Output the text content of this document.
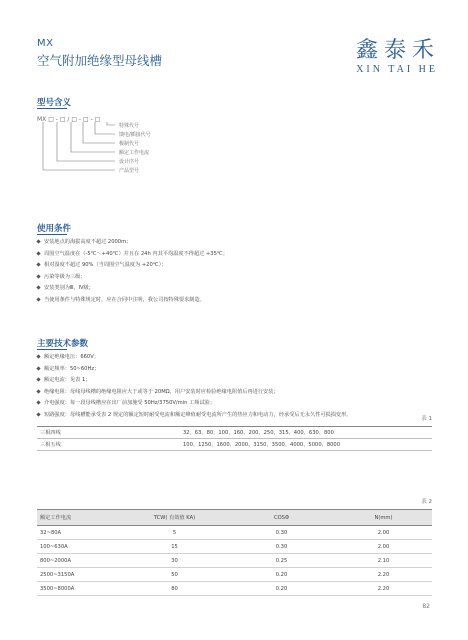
MX
空气附加绝缘型母线槽	鑫泰禾
XIN TAI HE
型号含义
MX □ - □ / □ - □ - □
特殊代号
馈电/插接代号
极制代号
额定工作电流
设计序号
产品型号
使用条件
安装地点的海拔高度不超过 2000m；
周围空气温度在（-5℃～+40℃）并且在 24h 内其平均温度不得超过 +35℃；
相对湿度不超过 90%（当周围空气温度为 +20℃）；
污染等级为三级；
安装类别为Ⅲ、Ⅳ级；
当使用条件与特殊规定时，应在合同中注明，我公司按特殊要求制造。
主要技术参数
额定绝缘电压：660V；
额定频率：50~60Hz；
额定电流：见表 1；
绝缘电阻：母线母线槽的绝缘电阻应大于或等于 20MΩ，用户安装时应检验绝缘电阻值后再进行安装；
介电强度：每一段母线槽应在出厂前加施受 50Hz/3750V/min 工频试验；
短路强度：母线槽能承受表 2 规定的额定短时耐受电流和额定峰值耐受电流所产生的热应力和电动力，经承受后无永久性可损损变形。
表 1
三相四线	32、63、80、100、160、200、250、315、400、630、800
三相五线	100、1250、1600、2000、3150、3500、4000、5000、8000
表 2
额定工作电流	TCW( 有效值 KA)	COSΦ	N(mm)
32~80A	5	0.30	2.00
100~630A	15	0.30	2.00
800~2000A	30	0.25	2.10
2500~3150A	50	0.20	2.20
3500~8000A	80	0.20	2.20
82
